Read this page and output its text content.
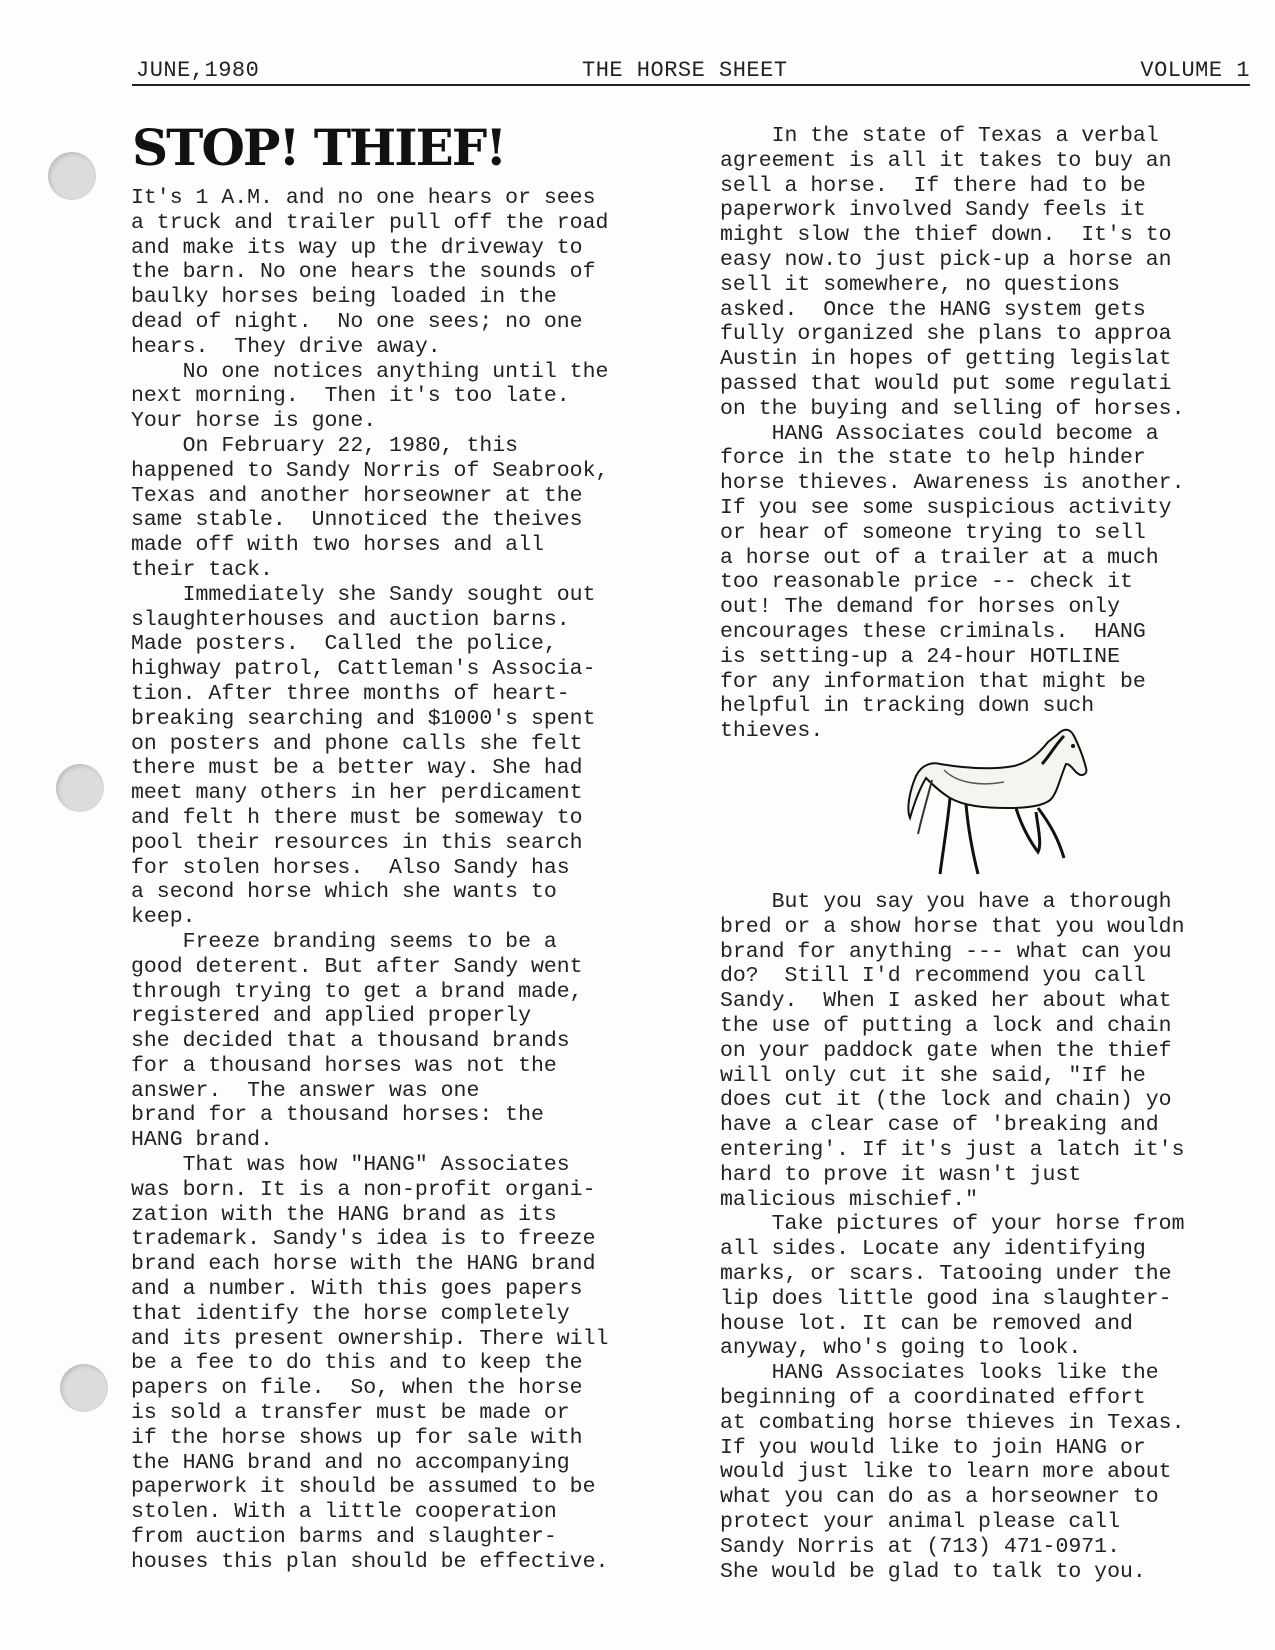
JUNE,1980	THE HORSE SHEET	VOLUME 1
STOP! THIEF!
It's 1 A.M. and no one hears or sees
a truck and trailer pull off the road
and make its way up the driveway to
the barn. No one hears the sounds of
baulky horses being loaded in the
dead of night.  No one sees; no one
hears.  They drive away.
No one notices anything until the
next morning.  Then it's too late.
Your horse is gone.
On February 22, 1980, this
happened to Sandy Norris of Seabrook,
Texas and another horseowner at the
same stable.  Unnoticed the theives
made off with two horses and all
their tack.
Immediately she Sandy sought out
slaughterhouses and auction barns.
Made posters.  Called the police,
highway patrol, Cattleman's Associa-
tion. After three months of heart-
breaking searching and $1000's spent
on posters and phone calls she felt
there must be a better way. She had
meet many others in her perdicament
and felt h there must be someway to
pool their resources in this search
for stolen horses.  Also Sandy has
a second horse which she wants to
keep.
Freeze branding seems to be a
good deterent. But after Sandy went
through trying to get a brand made,
registered and applied properly
she decided that a thousand brands
for a thousand horses was not the
answer.  The answer was one
brand for a thousand horses: the
HANG brand.
That was how "HANG" Associates
was born. It is a non-profit organi-
zation with the HANG brand as its
trademark. Sandy's idea is to freeze
brand each horse with the HANG brand
and a number. With this goes papers
that identify the horse completely
and its present ownership. There will
be a fee to do this and to keep the
papers on file.  So, when the horse
is sold a transfer must be made or
if the horse shows up for sale with
the HANG brand and no accompanying
paperwork it should be assumed to be
stolen. With a little cooperation
from auction barms and slaughter-
houses this plan should be effective.
In the state of Texas a verbal
agreement is all it takes to buy an
sell a horse.  If there had to be
paperwork involved Sandy feels it
might slow the thief down.  It's to
easy now.to just pick-up a horse an
sell it somewhere, no questions
asked.  Once the HANG system gets
fully organized she plans to approa
Austin in hopes of getting legislat
passed that would put some regulati
on the buying and selling of horses.
HANG Associates could become a
force in the state to help hinder
horse thieves. Awareness is another.
If you see some suspicious activity
or hear of someone trying to sell
a horse out of a trailer at a much
too reasonable price -- check it
out! The demand for horses only
encourages these criminals.  HANG
is setting-up a 24-hour HOTLINE
for any information that might be
helpful in tracking down such
thieves.
But you say you have a thorough
bred or a show horse that you wouldn
brand for anything --- what can you
do?  Still I'd recommend you call
Sandy.  When I asked her about what
the use of putting a lock and chain
on your paddock gate when the thief
will only cut it she said, "If he
does cut it (the lock and chain) yo
have a clear case of 'breaking and
entering'. If it's just a latch it's
hard to prove it wasn't just
malicious mischief."
Take pictures of your horse from
all sides. Locate any identifying
marks, or scars. Tatooing under the
lip does little good ina slaughter-
house lot. It can be removed and
anyway, who's going to look.
HANG Associates looks like the
beginning of a coordinated effort
at combating horse thieves in Texas.
If you would like to join HANG or
would just like to learn more about
what you can do as a horseowner to
protect your animal please call
Sandy Norris at (713) 471-0971.
She would be glad to talk to you.
